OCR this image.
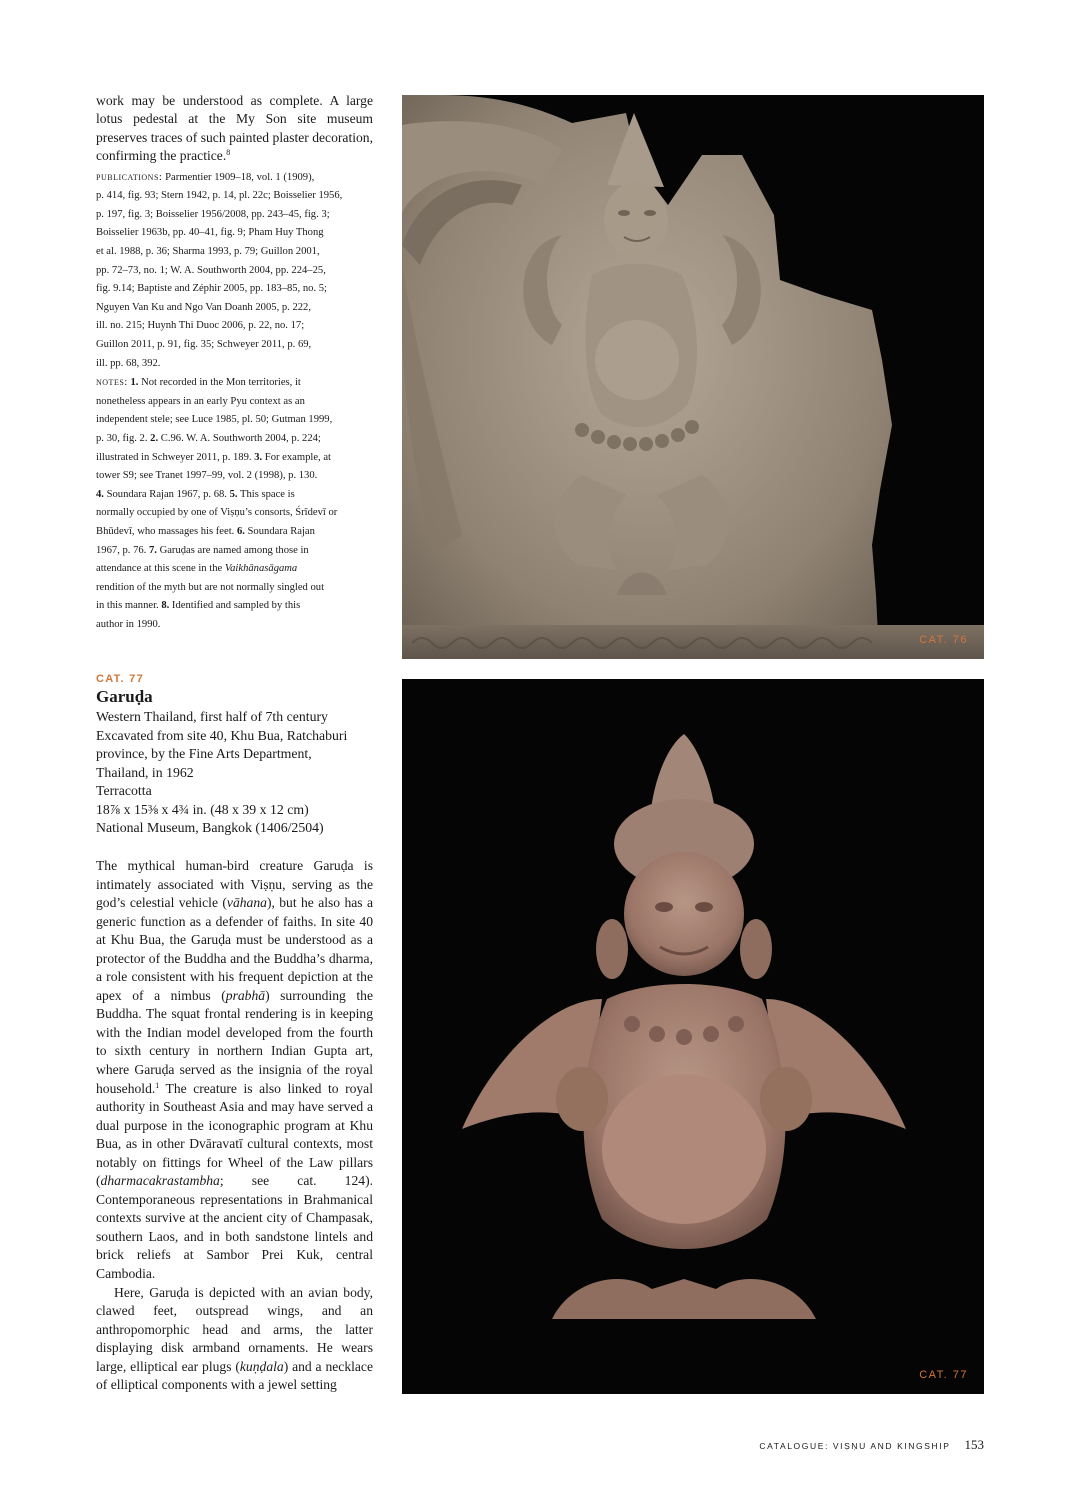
work may be understood as complete. A large lotus pedestal at the My Son site museum preserves traces of such painted plaster decoration, confirming the practice.$^8$

publications: Parmentier 1909–18, vol. 1 (1909),
p. 414, fig. 93; Stern 1942, p. 14, pl. 22c; Boisselier 1956,
p. 197, fig. 3; Boisselier 1956/2008, pp. 243–45, fig. 3;
Boisselier 1963b, pp. 40–41, fig. 9; Pham Huy Thong
et al. 1988, p. 36; Sharma 1993, p. 79; Guillon 2001,
pp. 72–73, no. 1; W. A. Southworth 2004, pp. 224–25,
fig. 9.14; Baptiste and Zéphir 2005, pp. 183–85, no. 5;
Nguyen Van Ku and Ngo Van Doanh 2005, p. 222,
ill. no. 215; Huynh Thi Duoc 2006, p. 22, no. 17;
Guillon 2011, p. 91, fig. 35; Schweyer 2011, p. 69,
ill. pp. 68, 392.
notes: 1. Not recorded in the Mon territories, it
nonetheless appears in an early Pyu context as an
independent stele; see Luce 1985, pl. 50; Gutman 1999,
p. 30, fig. 2. 2. C.96. W. A. Southworth 2004, p. 224;
illustrated in Schweyer 2011, p. 189. 3. For example, at
tower S9; see Tranet 1997–99, vol. 2 (1998), p. 130.
4. Soundara Rajan 1967, p. 68. 5. This space is
normally occupied by one of Viṣṇu’s consorts, Śrīdevī or
Bhūdevī, who massages his feet. 6. Soundara Rajan
1967, p. 76. 7. Garuḍas are named among those in
attendance at this scene in the Vaikhānasāgama
rendition of the myth but are not normally singled out
in this manner. 8. Identified and sampled by this
author in 1990.

CAT. 77

Garuḍa

Western Thailand, first half of 7th century
Excavated from site 40, Khu Bua, Ratchaburi
province, by the Fine Arts Department,
Thailand, in 1962
Terracotta
18⅞ x 15⅜ x 4¾ in. (48 x 39 x 12 cm)
National Museum, Bangkok (1406/2504)

The mythical human-bird creature Garuḍa is intimately associated with Viṣṇu, serving as the god’s celestial vehicle (vāhana), but he also has a generic function as a defender of faiths. In site 40 at Khu Bua, the Garuḍa must be understood as a protector of the Buddha and the Buddha’s dharma, a role consistent with his frequent depiction at the apex of a nimbus (prabhā) surrounding the Buddha. The squat frontal rendering is in keeping with the Indian model developed from the fourth to sixth century in northern Indian Gupta art, where Garuḍa served as the insignia of the royal household.$^1$ The creature is also linked to royal authority in Southeast Asia and may have served a dual purpose in the iconographic program at Khu Bua, as in other Dvāravatī cultural contexts, most notably on fittings for Wheel of the Law pillars (dharmacakrastambha; see cat. 124). Contemporaneous representations in Brahmanical contexts survive at the ancient city of Champasak, southern Laos, and in both sandstone lintels and brick reliefs at Sambor Prei Kuk, central Cambodia.

Here, Garuḍa is depicted with an avian body, clawed feet, outspread wings, and an anthropomorphic head and arms, the latter displaying disk armband ornaments. He wears large, elliptical ear plugs (kuṇḍala) and a necklace of elliptical components with a jewel setting

CAT. 76
CAT. 77
CATALOGUE: VIṢṆU AND KINGSHIP 153
